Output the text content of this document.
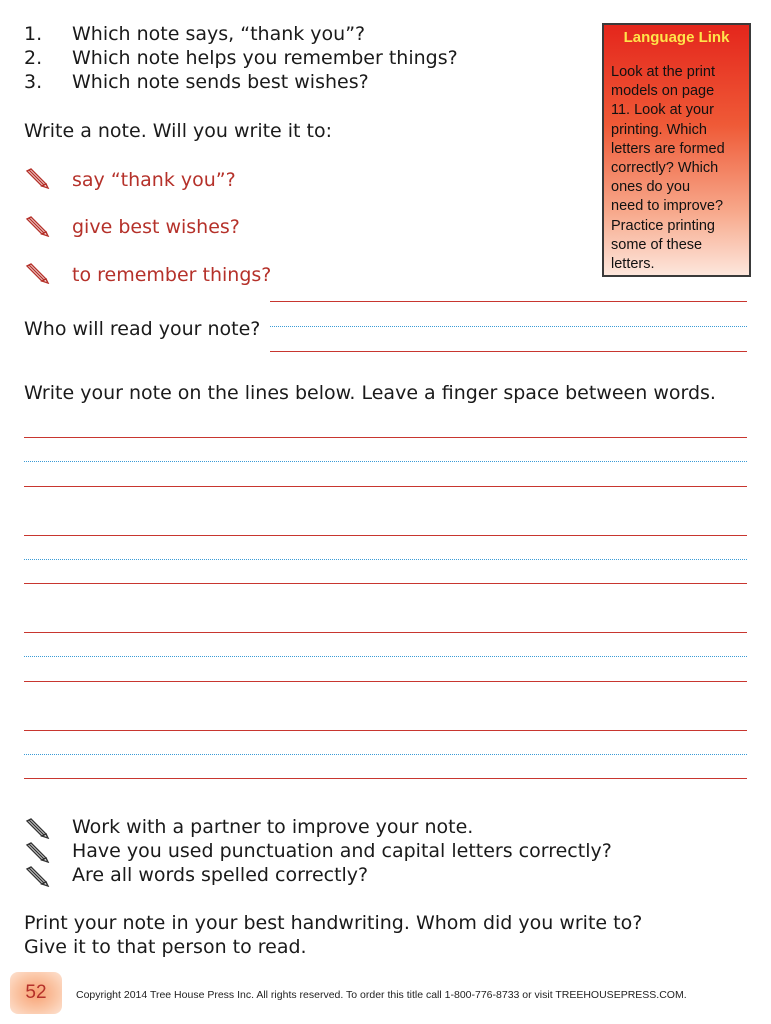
1. Which note says, “thank you”?
2. Which note helps you remember things?
3. Which note sends best wishes?
Write a note. Will you write it to:
say “thank you”?
give best wishes?
to remember things?
Language Link
Look at the print
models on page
11. Look at your
printing. Which
letters are formed
correctly? Which
ones do you
need to improve?
Practice printing
some of these
letters.
Who will read your note?
Write your note on the lines below. Leave a finger space between words.
Work with a partner to improve your note.
Have you used punctuation and capital letters correctly?
Are all words spelled correctly?
Print your note in your best handwriting. Whom did you write to?
Give it to that person to read.
52	Copyright 2014 Tree House Press Inc. All rights reserved. To order this title call 1-800-776-8733 or visit TREEHOUSEPRESS.COM.
